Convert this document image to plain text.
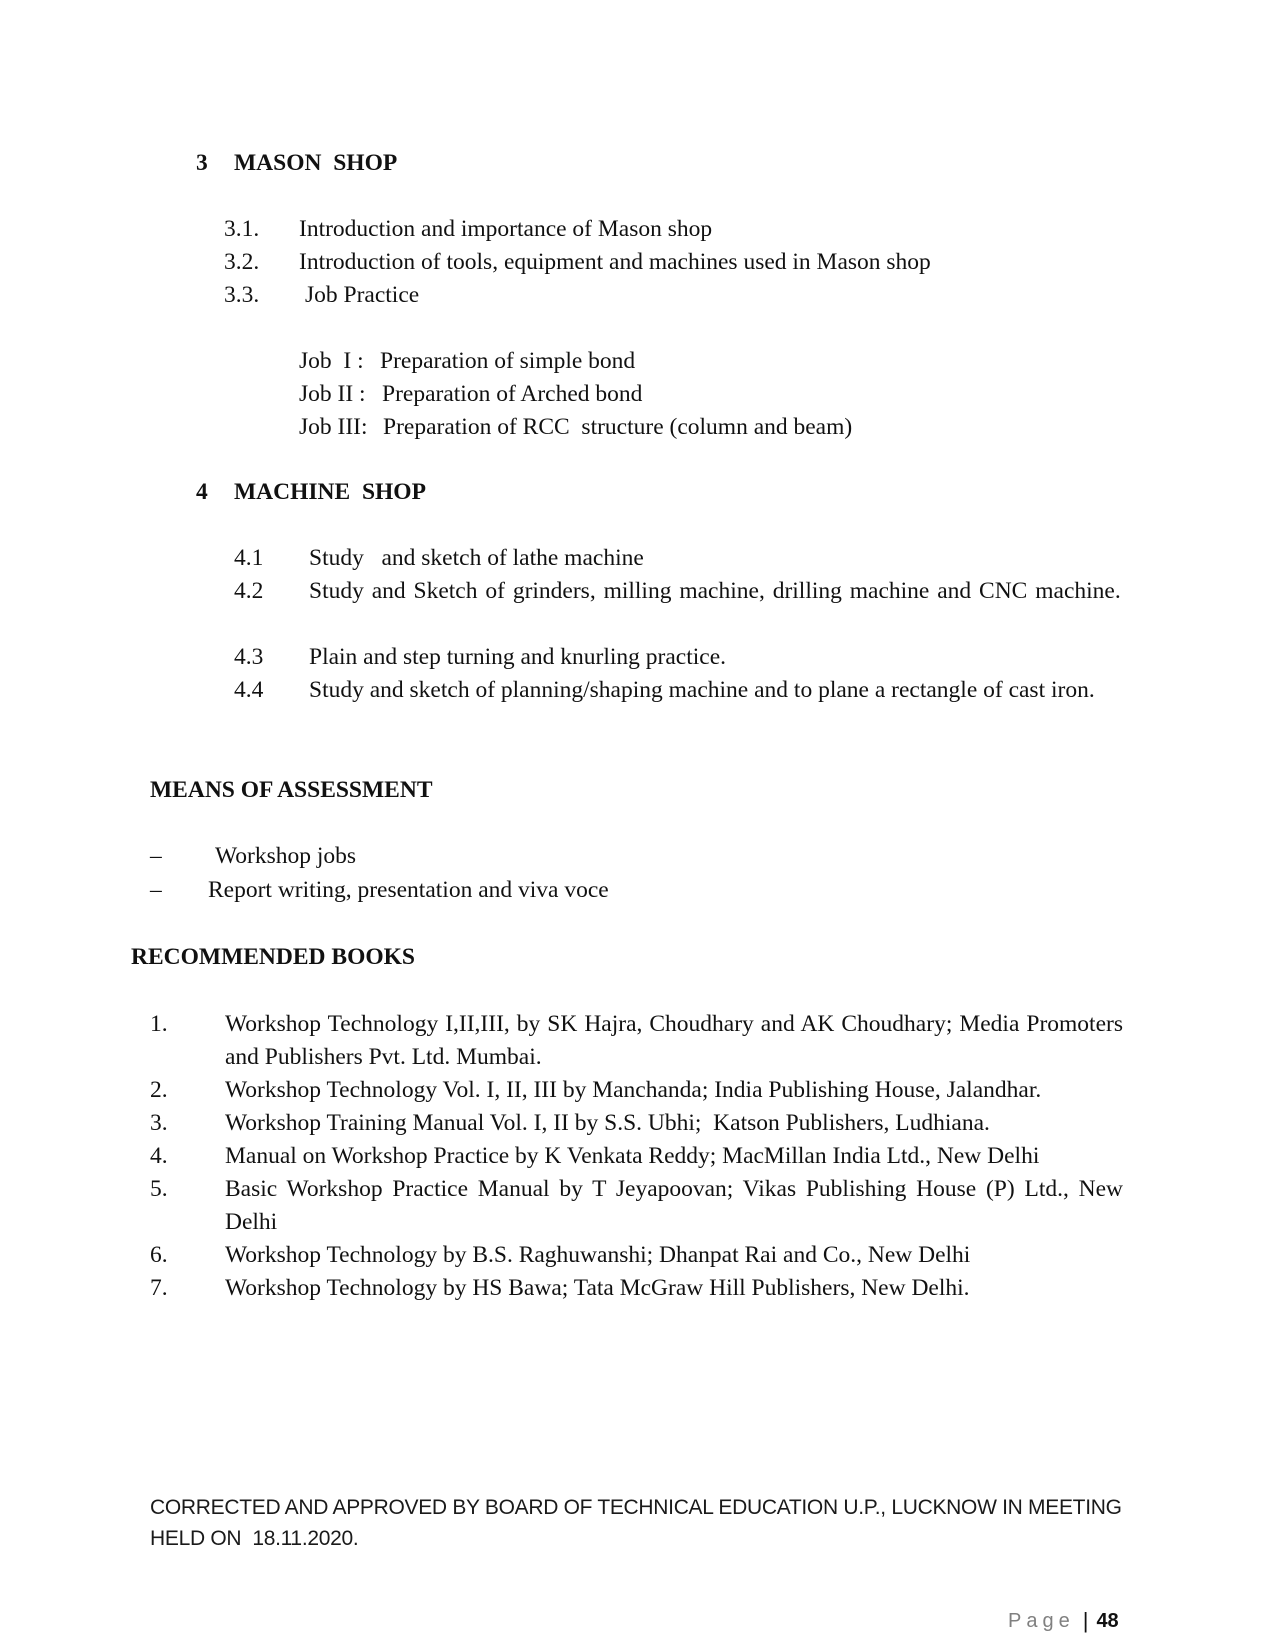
3 MASON  SHOP
3.1. Introduction and importance of Mason shop
3.2. Introduction of tools, equipment and machines used in Mason shop
3.3. Job Practice
Job  I : Preparation of simple bond
Job II : Preparation of Arched bond
Job III: Preparation of RCC  structure (column and beam)
4 MACHINE  SHOP
4.1 Study   and sketch of lathe machine
4.2 Study and Sketch of grinders, milling machine, drilling machine and CNC machine.
4.3 Plain and step turning and knurling practice.
4.4 Study and sketch of planning/shaping machine and to plane a rectangle of cast iron.
MEANS OF ASSESSMENT
– Workshop jobs
– Report writing, presentation and viva voce
RECOMMENDED BOOKS
1. Workshop Technology I,II,III, by SK Hajra, Choudhary and AK Choudhary; Media Promoters and Publishers Pvt. Ltd. Mumbai.
2. Workshop Technology Vol. I, II, III by Manchanda; India Publishing House, Jalandhar.
3. Workshop Training Manual Vol. I, II by S.S. Ubhi;  Katson Publishers, Ludhiana.
4. Manual on Workshop Practice by K Venkata Reddy; MacMillan India Ltd., New Delhi
5. Basic Workshop Practice Manual by T Jeyapoovan; Vikas Publishing House (P) Ltd., New Delhi
6. Workshop Technology by B.S. Raghuwanshi; Dhanpat Rai and Co., New Delhi
7. Workshop Technology by HS Bawa; Tata McGraw Hill Publishers, New Delhi.
CORRECTED AND APPROVED BY BOARD OF TECHNICAL EDUCATION U.P., LUCKNOW IN MEETING
HELD ON  18.11.2020.
Page | 48
